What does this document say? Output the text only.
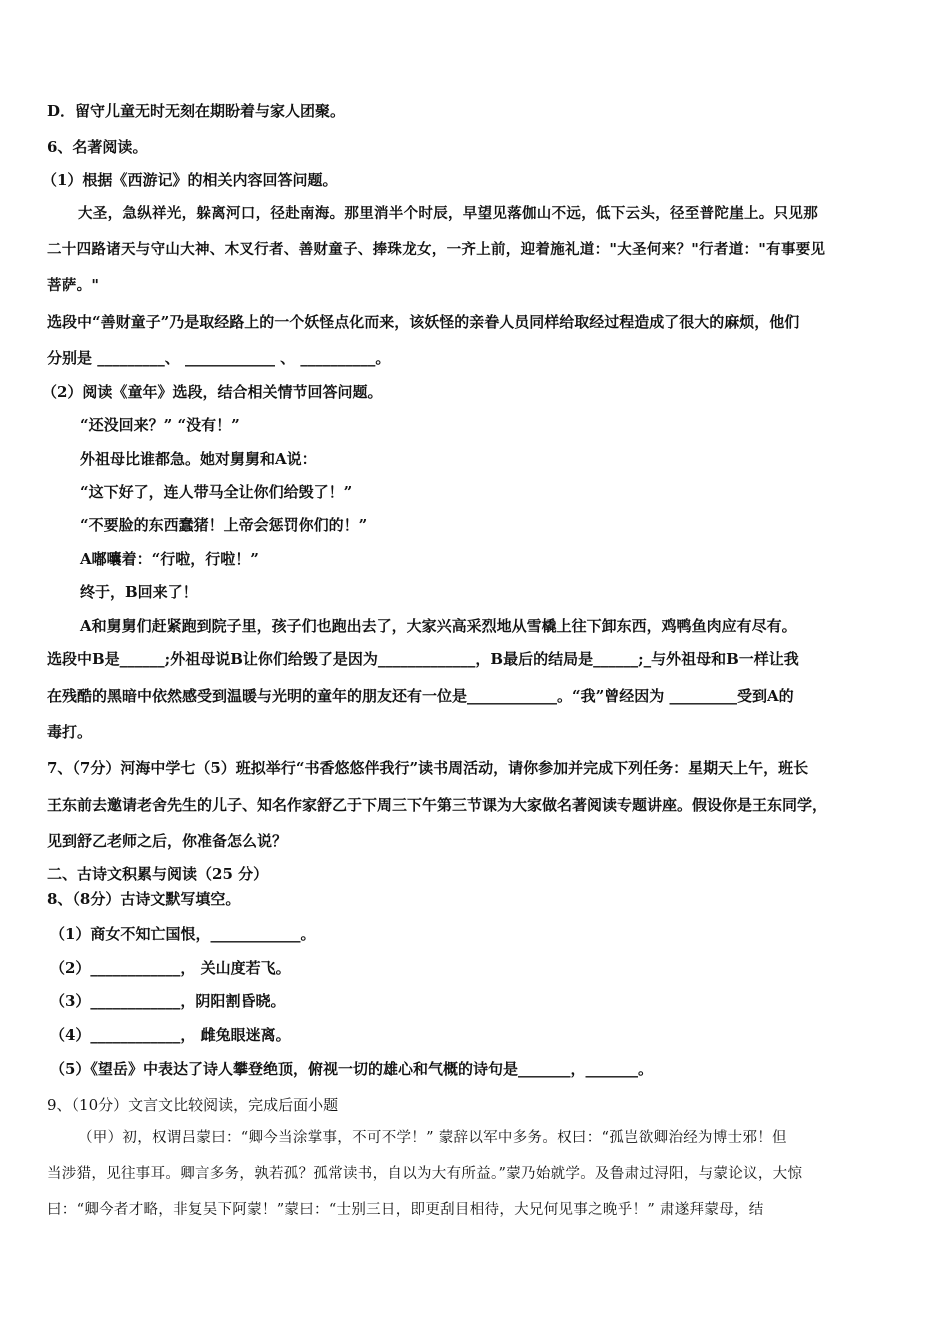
D．留守儿童无时无刻在期盼着与家人团聚。
6、名著阅读。
（1）根据《西游记》的相关内容回答问题。
大圣，急纵祥光，躲离河口，径赴南海。那里消半个时辰，早望见落伽山不远，低下云头，径至普陀崖上。只见那
二十四路诸天与守山大神、木叉行者、善财童子、捧珠龙女，一齐上前，迎着施礼道："大圣何来？"行者道："有事要见
菩萨。"
选段中“善财童子”乃是取经路上的一个妖怪点化而来，该妖怪的亲眷人员同样给取经过程造成了很大的麻烦，他们
分别是 _________、 ____________ 、 __________。
（2）阅读《童年》选段，结合相关情节回答问题。
“还没回来？” “没有！”
外祖母比谁都急。她对舅舅和A说：
“这下好了，连人带马全让你们给毁了！”
“不要脸的东西蠢猪！上帝会惩罚你们的！”
A嘟囔着：“行啦，行啦！”
终于，B回来了！
A和舅舅们赶紧跑到院子里，孩子们也跑出去了，大家兴高采烈地从雪橇上往下卸东西，鸡鸭鱼肉应有尽有。
选段中B是______;外祖母说B让你们给毁了是因为_____________，B最后的结局是______;_与外祖母和B一样让我
在残酷的黑暗中依然感受到温暖与光明的童年的朋友还有一位是____________。“我”曾经因为 _________受到A的
毒打。
7、（7分）河海中学七（5）班拟举行“书香悠悠伴我行”读书周活动，请你参加并完成下列任务：星期天上午，班长
王东前去邀请老舍先生的儿子、知名作家舒乙于下周三下午第三节课为大家做名著阅读专题讲座。假设你是王东同学，
见到舒乙老师之后，你准备怎么说？
二、古诗文积累与阅读（25 分）
8、（8分）古诗文默写填空。
（1）商女不知亡国恨，____________。
（2）____________， 关山度若飞。
（3）____________，阴阳割昏晓。
（4）____________， 雌兔眼迷离。
（5）《望岳》中表达了诗人攀登绝顶，俯视一切的雄心和气概的诗句是_______，_______。
9、（10分）文言文比较阅读，完成后面小题
（甲）初，权谓吕蒙曰：“卿今当涂掌事，不可不学！” 蒙辞以军中多务。权曰：“孤岂欲卿治经为博士邪！但
当涉猎，见往事耳。卿言多务，孰若孤？孤常读书，自以为大有所益。”蒙乃始就学。及鲁肃过浔阳，与蒙论议，大惊
曰：“卿今者才略，非复吴下阿蒙！”蒙曰：“士别三日，即更刮目相待，大兄何见事之晚乎！” 肃遂拜蒙母，结
